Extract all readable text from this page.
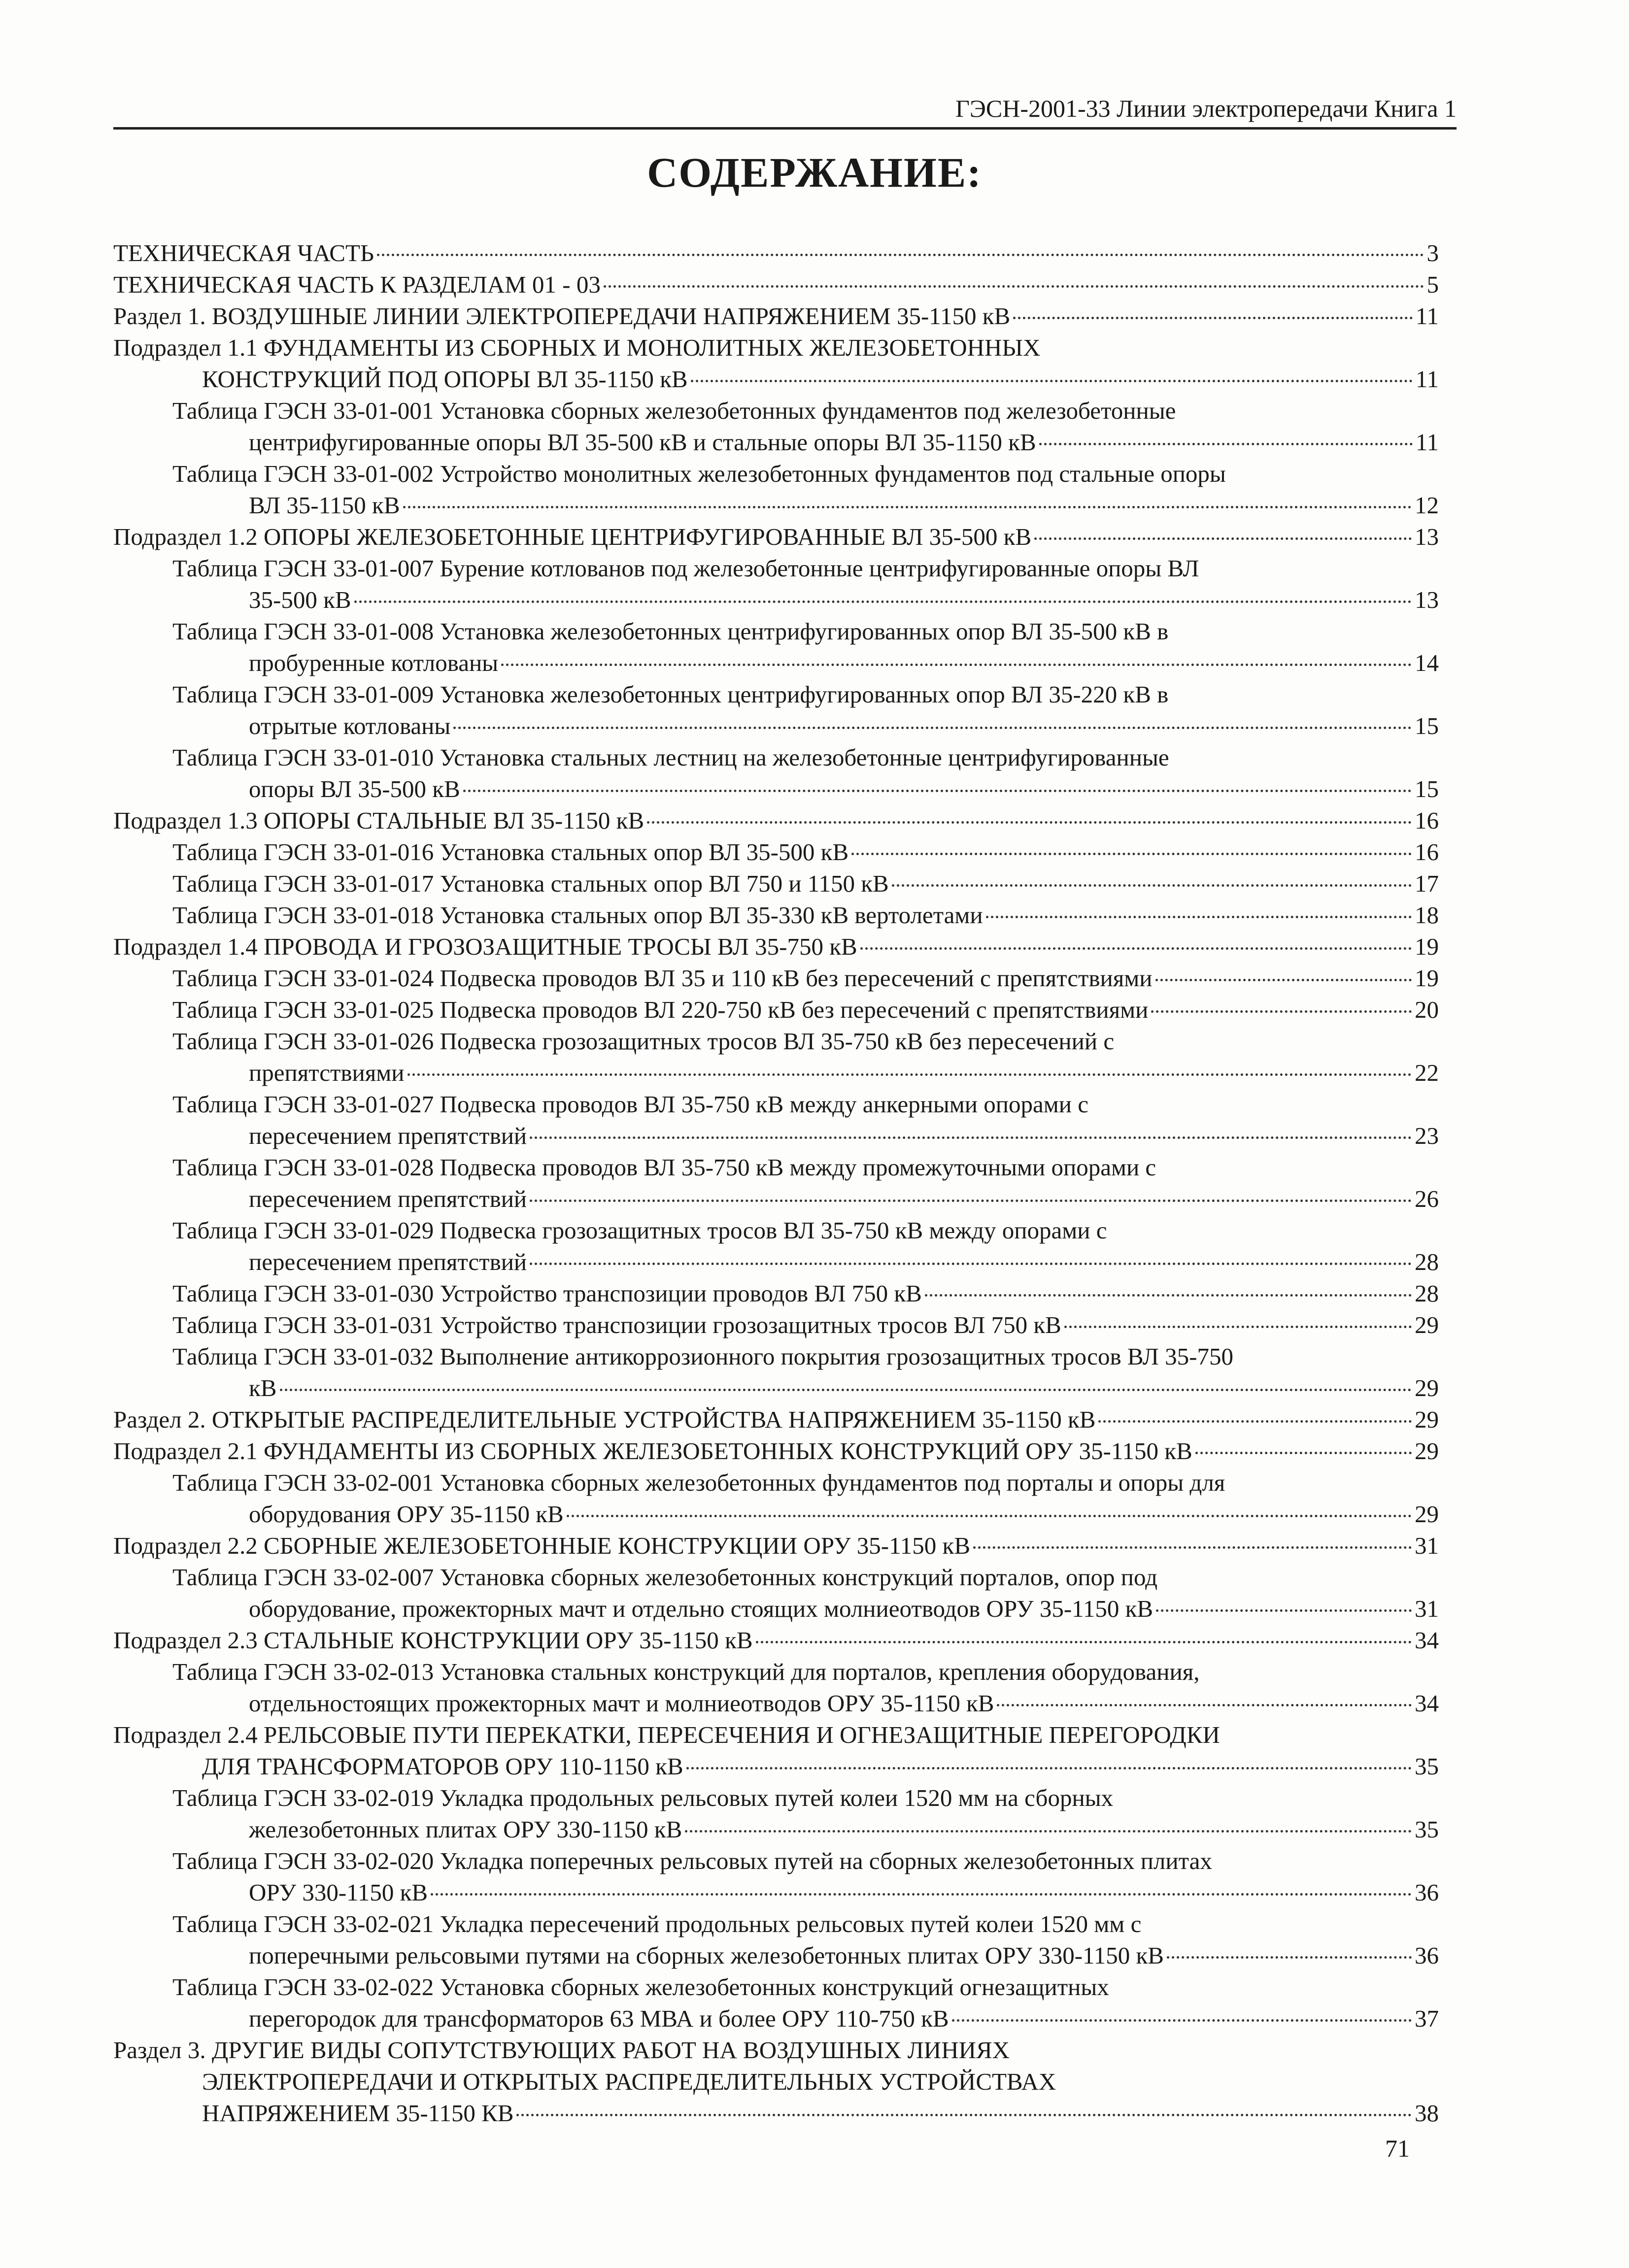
ГЭСН-2001-33 Линии электропередачи Книга 1
СОДЕРЖАНИЕ:
ТЕХНИЧЕСКАЯ ЧАСТЬ	3
ТЕХНИЧЕСКАЯ ЧАСТЬ К РАЗДЕЛАМ 01 - 03	5
Раздел 1. ВОЗДУШНЫЕ ЛИНИИ ЭЛЕКТРОПЕРЕДАЧИ НАПРЯЖЕНИЕМ 35-1150 кВ	11
Подраздел 1.1 ФУНДАМЕНТЫ ИЗ СБОРНЫХ И МОНОЛИТНЫХ ЖЕЛЕЗОБЕТОННЫХ
КОНСТРУКЦИЙ ПОД ОПОРЫ ВЛ 35-1150 кВ	11
Таблица ГЭСН 33-01-001 Установка сборных железобетонных фундаментов под железобетонные
центрифугированные опоры ВЛ 35-500 кВ и стальные опоры ВЛ 35-1150 кВ	11
Таблица ГЭСН 33-01-002 Устройство монолитных железобетонных фундаментов под стальные опоры
ВЛ 35-1150 кВ	12
Подраздел 1.2 ОПОРЫ ЖЕЛЕЗОБЕТОННЫЕ ЦЕНТРИФУГИРОВАННЫЕ ВЛ 35-500 кВ	13
Таблица ГЭСН 33-01-007 Бурение котлованов под железобетонные центрифугированные опоры ВЛ
35-500 кВ	13
Таблица ГЭСН 33-01-008 Установка железобетонных центрифугированных опор ВЛ 35-500 кВ в
пробуренные котлованы	14
Таблица ГЭСН 33-01-009 Установка железобетонных центрифугированных опор ВЛ 35-220 кВ в
отрытые котлованы	15
Таблица ГЭСН 33-01-010 Установка стальных лестниц на железобетонные центрифугированные
опоры ВЛ 35-500 кВ	15
Подраздел 1.3 ОПОРЫ СТАЛЬНЫЕ ВЛ 35-1150 кВ	16
Таблица ГЭСН 33-01-016 Установка стальных опор ВЛ 35-500 кВ	16
Таблица ГЭСН 33-01-017 Установка стальных опор ВЛ 750 и 1150 кВ	17
Таблица ГЭСН 33-01-018 Установка стальных опор ВЛ 35-330 кВ вертолетами	18
Подраздел 1.4 ПРОВОДА И ГРОЗОЗАЩИТНЫЕ ТРОСЫ ВЛ 35-750 кВ	19
Таблица ГЭСН 33-01-024 Подвеска проводов ВЛ 35 и 110 кВ без пересечений с препятствиями	19
Таблица ГЭСН 33-01-025 Подвеска проводов ВЛ 220-750 кВ без пересечений с препятствиями	20
Таблица ГЭСН 33-01-026 Подвеска грозозащитных тросов ВЛ 35-750 кВ без пересечений с
препятствиями	22
Таблица ГЭСН 33-01-027 Подвеска проводов ВЛ 35-750 кВ между анкерными опорами с
пересечением препятствий	23
Таблица ГЭСН 33-01-028 Подвеска проводов ВЛ 35-750 кВ между промежуточными опорами с
пересечением препятствий	26
Таблица ГЭСН 33-01-029 Подвеска грозозащитных тросов ВЛ 35-750 кВ между опорами с
пересечением препятствий	28
Таблица ГЭСН 33-01-030 Устройство транспозиции проводов ВЛ 750 кВ	28
Таблица ГЭСН 33-01-031 Устройство транспозиции грозозащитных тросов ВЛ 750 кВ	29
Таблица ГЭСН 33-01-032 Выполнение антикоррозионного покрытия грозозащитных тросов ВЛ 35-750
кВ	29
Раздел 2. ОТКРЫТЫЕ РАСПРЕДЕЛИТЕЛЬНЫЕ УСТРОЙСТВА НАПРЯЖЕНИЕМ 35-1150 кВ	29
Подраздел 2.1 ФУНДАМЕНТЫ ИЗ СБОРНЫХ ЖЕЛЕЗОБЕТОННЫХ КОНСТРУКЦИЙ ОРУ 35-1150 кВ	29
Таблица ГЭСН 33-02-001 Установка сборных железобетонных фундаментов под порталы и опоры для
оборудования ОРУ 35-1150 кВ	29
Подраздел 2.2 СБОРНЫЕ ЖЕЛЕЗОБЕТОННЫЕ КОНСТРУКЦИИ ОРУ 35-1150 кВ	31
Таблица ГЭСН 33-02-007 Установка сборных железобетонных конструкций порталов, опор под
оборудование, прожекторных мачт и отдельно стоящих молниеотводов ОРУ 35-1150 кВ	31
Подраздел 2.3 СТАЛЬНЫЕ КОНСТРУКЦИИ ОРУ 35-1150 кВ	34
Таблица ГЭСН 33-02-013 Установка стальных конструкций для порталов, крепления оборудования,
отдельностоящих прожекторных мачт и молниеотводов ОРУ 35-1150 кВ	34
Подраздел 2.4 РЕЛЬСОВЫЕ ПУТИ ПЕРЕКАТКИ, ПЕРЕСЕЧЕНИЯ И ОГНЕЗАЩИТНЫЕ ПЕРЕГОРОДКИ
ДЛЯ ТРАНСФОРМАТОРОВ ОРУ 110-1150 кВ	35
Таблица ГЭСН 33-02-019 Укладка продольных рельсовых путей колеи 1520 мм на сборных
железобетонных плитах ОРУ 330-1150 кВ	35
Таблица ГЭСН 33-02-020 Укладка поперечных рельсовых путей на сборных железобетонных плитах
ОРУ 330-1150 кВ	36
Таблица ГЭСН 33-02-021 Укладка пересечений продольных рельсовых путей колеи 1520 мм с
поперечными рельсовыми путями на сборных железобетонных плитах ОРУ 330-1150 кВ	36
Таблица ГЭСН 33-02-022 Установка сборных железобетонных конструкций огнезащитных
перегородок для трансформаторов 63 МВА и более ОРУ 110-750 кВ	37
Раздел 3. ДРУГИЕ ВИДЫ СОПУТСТВУЮЩИХ РАБОТ НА ВОЗДУШНЫХ ЛИНИЯХ
ЭЛЕКТРОПЕРЕДАЧИ И ОТКРЫТЫХ РАСПРЕДЕЛИТЕЛЬНЫХ УСТРОЙСТВАХ
НАПРЯЖЕНИЕМ 35-1150 КВ	38
71
